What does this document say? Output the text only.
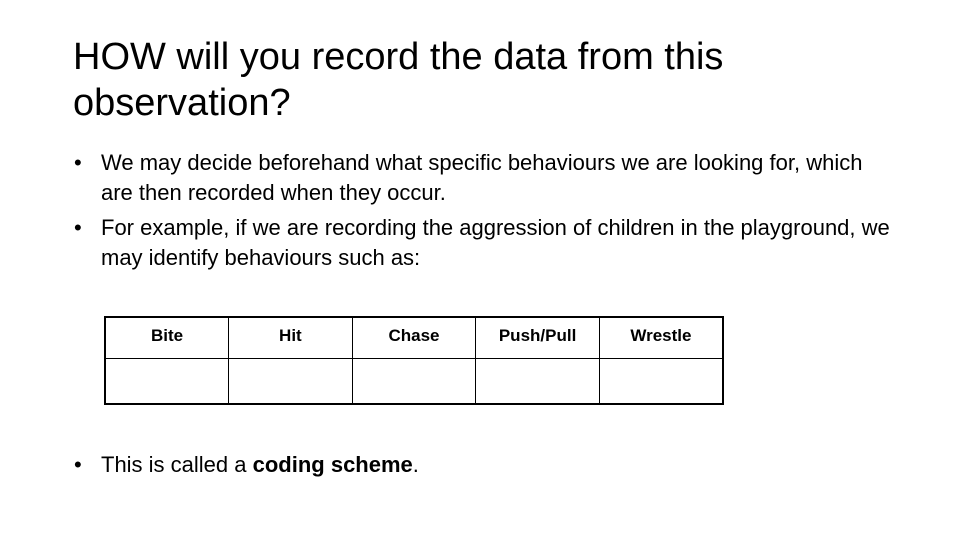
HOW will you record the data from this observation?
• We may decide beforehand what specific behaviours we are looking for, which are then recorded when they occur.
• For example, if we are recording the aggression of children in the playground, we may identify behaviours such as:
Bite	Hit	Chase	Push/Pull	Wrestle

• This is called a coding scheme.
